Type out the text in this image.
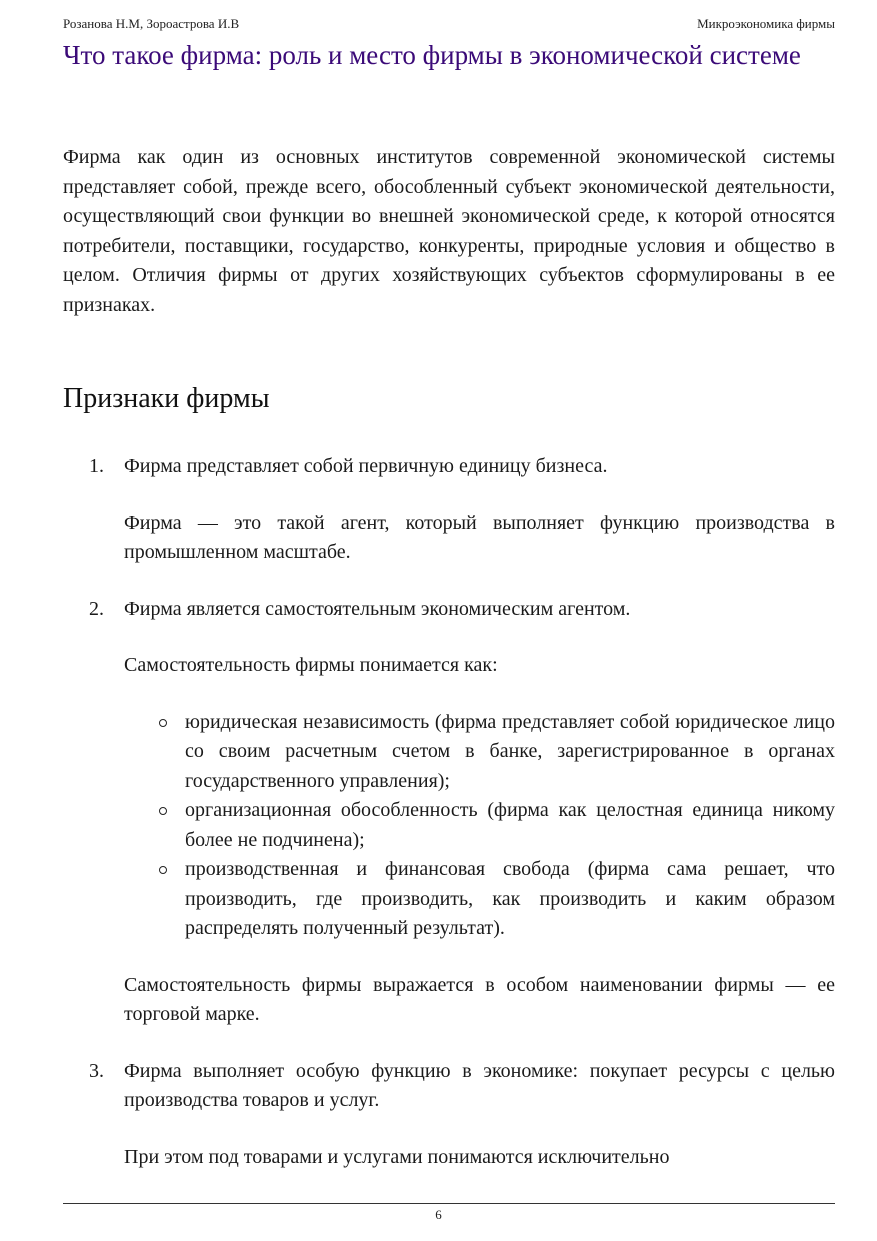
Розанова Н.М, Зороастрова И.В	Микроэкономика фирмы
Что такое фирма: роль и место фирмы в экономической системе

Фирма как один из основных институтов современной экономической системы представляет собой, прежде всего, обособленный субъект экономической деятельности, осуществляющий свои функции во внешней экономической среде, к которой относятся потребители, поставщики, государство, конкуренты, природные условия и общество в целом. Отличия фирмы от других хозяйствующих субъектов сформулированы в ее признаках.

Признаки фирмы
1. Фирма представляет собой первичную единицу бизнеса.

Фирма — это такой агент, который выполняет функцию производства в промышленном масштабе.

2. Фирма является самостоятельным экономическим агентом.

Самостоятельность фирмы понимается как:

юридическая независимость (фирма представляет собой юридическое лицо со своим расчетным счетом в банке, зарегистрированное в органах государственного управления);
организационная обособленность (фирма как целостная единица никому более не подчинена);
производственная и финансовая свобода (фирма сама решает, что производить, где производить, как производить и каким образом распределять полученный результат).

Самостоятельность фирмы выражается в особом наименовании фирмы — ее торговой марке.

3. Фирма выполняет особую функцию в экономике: покупает ресурсы с целью производства товаров и услуг.

При этом под товарами и услугами понимаются исключительно

6
